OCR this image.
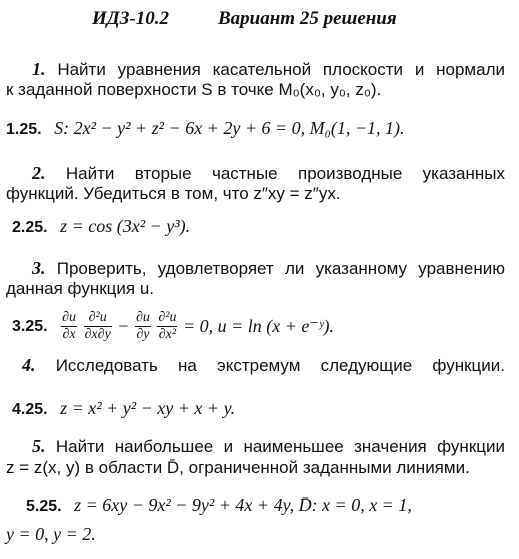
ИДЗ-10.2	Вариант 25 решения
1. Найти уравнения касательной плоскости и нормали
к заданной поверхности S в точке M₀(x₀, y₀, z₀).
1.25. S: 2x² − y² + z² − 6x + 2y + 6 = 0, M₀(1, −1, 1).
2. Найти вторые частные производные указанных
функций. Убедиться в том, что z″xy = z″yx.
2.25. z = cos (3x² − y³).
3. Проверить, удовлетворяет ли указанному уравнению
данная функция u.
3.25. $\frac{\partial u}{\partial x}$
$\frac{\text{∂²u}}{\partial x\partial y} - \frac{\partial u}{\partial y}$
$\frac{\text{∂²u}}{\text{∂x²}} = 0$, u = ln (x + e⁻ʸ).
4. Исследовать на экстремум следующие функции.
4.25. z = x² + y² − xy + x + y.
5. Найти наибольшее и наименьшее значения функции
z = z(x, y) в области D̄, ограниченной заданными линиями.
5.25. z = 6xy − 9x² − 9y² + 4x + 4y, D̄: x = 0, x = 1,
y = 0, y = 2.
